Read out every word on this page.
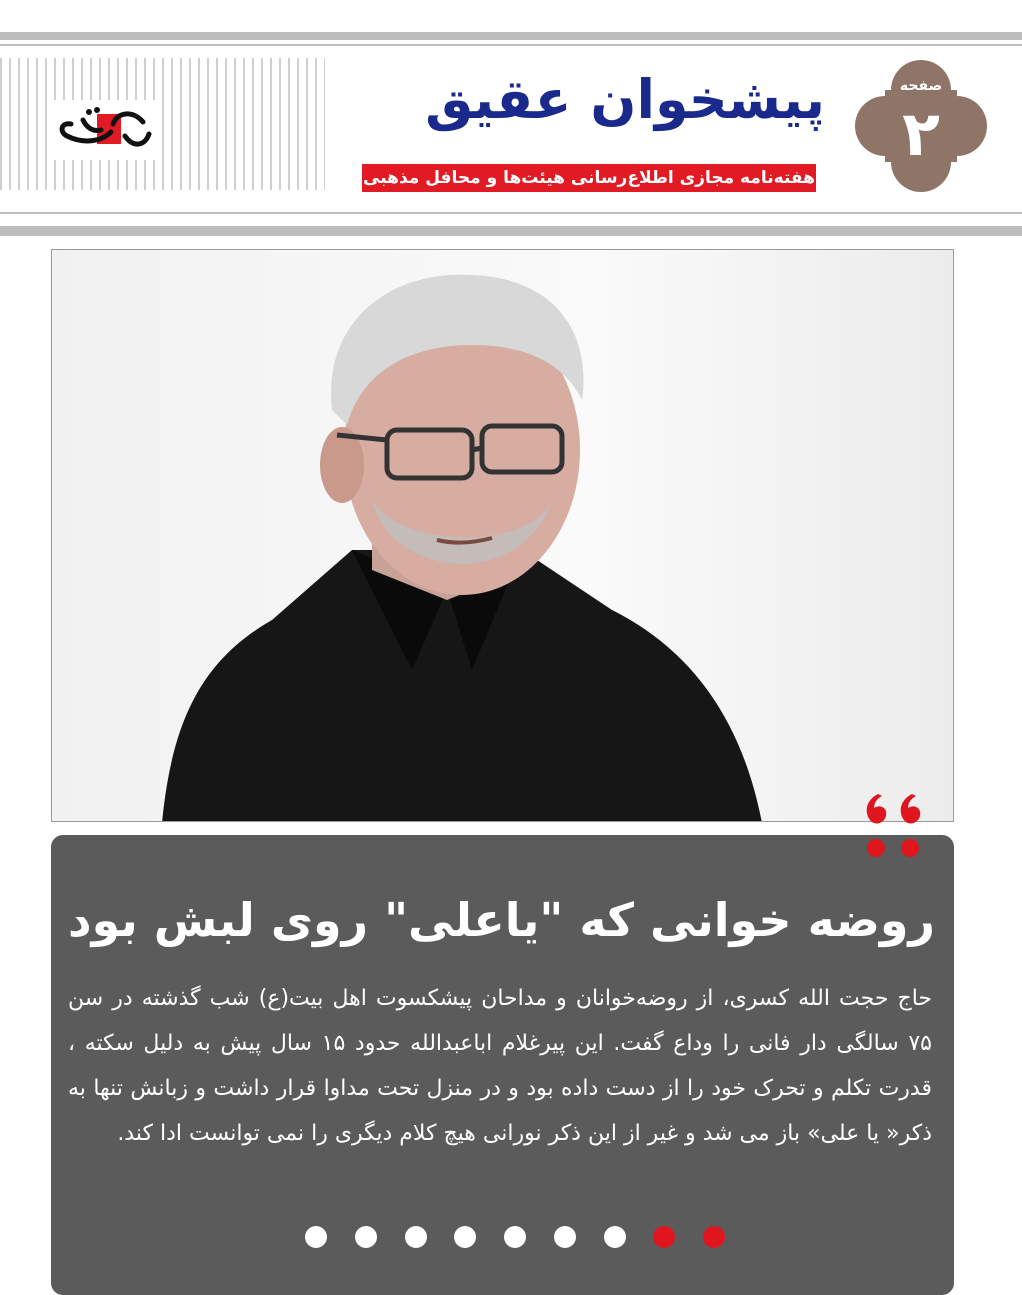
پیشخوان عقیق
هفته‌نامه مجازی اطلاع‌رسانی هیئت‌ها و محافل مذهبی
صفحه
۲
روضه خوانی که "یاعلی" روی لبش بود
حاج حجت الله کسری، از روضه‌خوانان و مداحان پیشکسوت اهل بیت(ع) شب گذشته در سن ۷۵ سالگی دار فانی را وداع گفت. این پیرغلام اباعبدالله حدود ۱۵ سال پیش به دلیل سکته ، قدرت تکلم و تحرک خود را از دست داده بود و در منزل تحت مداوا قرار داشت و زبانش تنها به ذکر« یا علی» باز می شد و غیر از این ذکر نورانی هیچ کلام دیگری را نمی توانست ادا کند.
